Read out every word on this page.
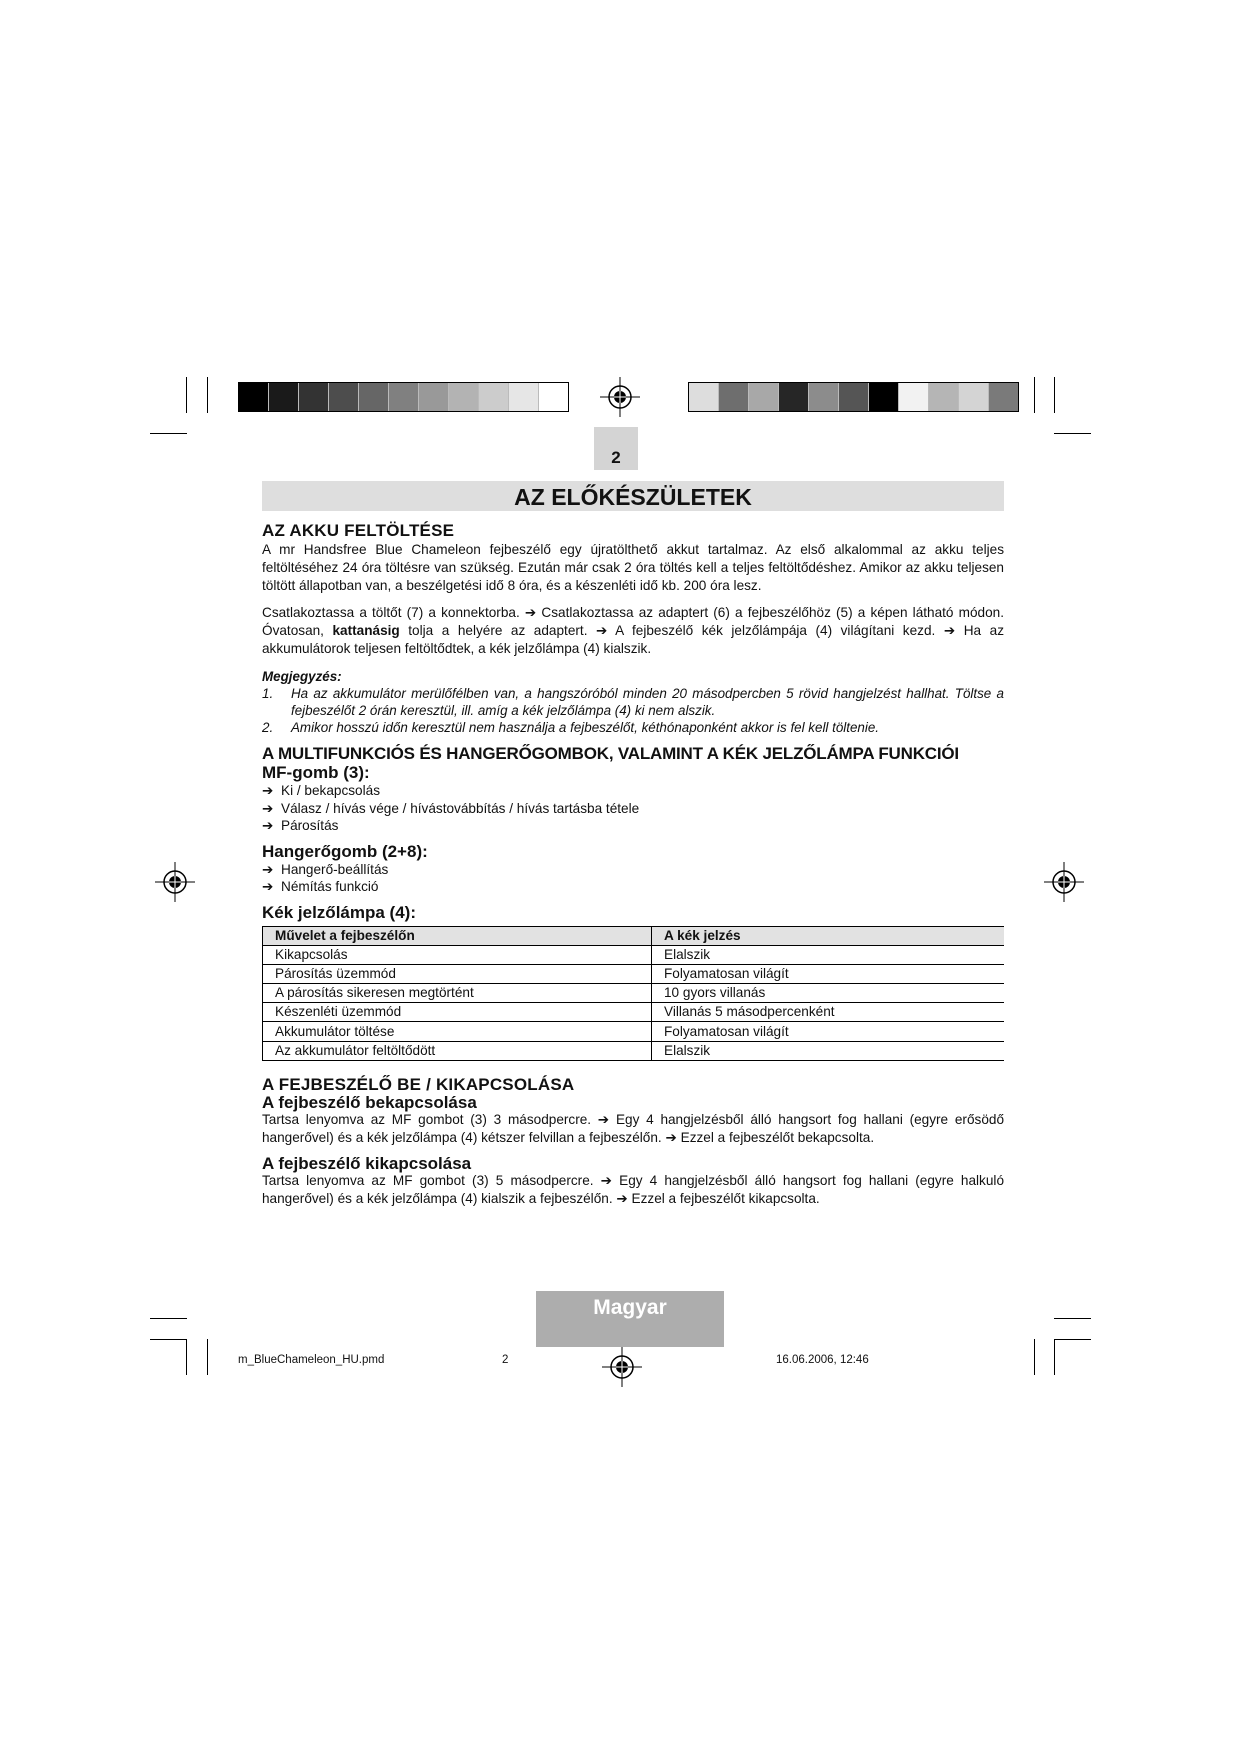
2
AZ ELŐKÉSZÜLETEK
AZ AKKU FELTÖLTÉSE

A mr Handsfree Blue Chameleon fejbeszélő egy újratölthető akkut tartalmaz. Az első alkalommal az akku teljes feltöltéséhez 24 óra töltésre van szükség. Ezután már csak 2 óra töltés kell a teljes feltöltődéshez. Amikor az akku teljesen töltött állapotban van, a beszélgetési idő 8 óra, és a készenléti idő kb. 200 óra lesz.

Csatlakoztassa a töltőt (7) a konnektorba. ➔ Csatlakoztassa az adaptert (6) a fejbeszélőhöz (5) a képen látható módon. Óvatosan, kattanásig tolja a helyére az adaptert. ➔ A fejbeszélő kék jelzőlámpája (4) világítani kezd. ➔ Ha az akkumulátorok teljesen feltöltődtek, a kék jelzőlámpa (4) kialszik.

Megjegyzés:
1.	Ha az akkumulátor merülőfélben van, a hangszóróból minden 20 másodpercben 5 rövid hangjelzést hallhat. Töltse a fejbeszélőt 2 órán keresztül, ill. amíg a kék jelzőlámpa (4) ki nem alszik.
2.	Amikor hosszú időn keresztül nem használja a fejbeszélőt, kéthónaponként akkor is fel kell töltenie.
A MULTIFUNKCIÓS ÉS HANGERŐGOMBOK, VALAMINT A KÉK JELZŐLÁMPA FUNKCIÓI
MF-gomb (3):
➔ Ki / bekapcsolás
➔ Válasz / hívás vége / hívástovábbítás / hívás tartásba tétele
➔ Párosítás
Hangerőgomb (2+8):
➔ Hangerő-beállítás
➔ Némítás funkció
Kék jelzőlámpa (4):
Művelet a fejbeszélőn	A kék jelzés
Kikapcsolás	Elalszik
Párosítás üzemmód	Folyamatosan világít
A párosítás sikeresen megtörtént	10 gyors villanás
Készenléti üzemmód	Villanás 5 másodpercenként
Akkumulátor töltése	Folyamatosan világít
Az akkumulátor feltöltődött	Elalszik
A FEJBESZÉLŐ BE / KIKAPCSOLÁSA
A fejbeszélő bekapcsolása

Tartsa lenyomva az MF gombot (3) 3 másodpercre. ➔ Egy 4 hangjelzésből álló hangsort fog hallani (egyre erősödő hangerővel) és a kék jelzőlámpa (4) kétszer felvillan a fejbeszélőn. ➔ Ezzel a fejbeszélőt bekapcsolta.

A fejbeszélő kikapcsolása

Tartsa lenyomva az MF gombot (3) 5 másodpercre. ➔ Egy 4 hangjelzésből álló hangsort fog hallani (egyre halkuló hangerővel) és a kék jelzőlámpa (4) kialszik a fejbeszélőn. ➔ Ezzel a fejbeszélőt kikapcsolta.

Magyar
m_BlueChameleon_HU.pmd	2	16.06.2006, 12:46
